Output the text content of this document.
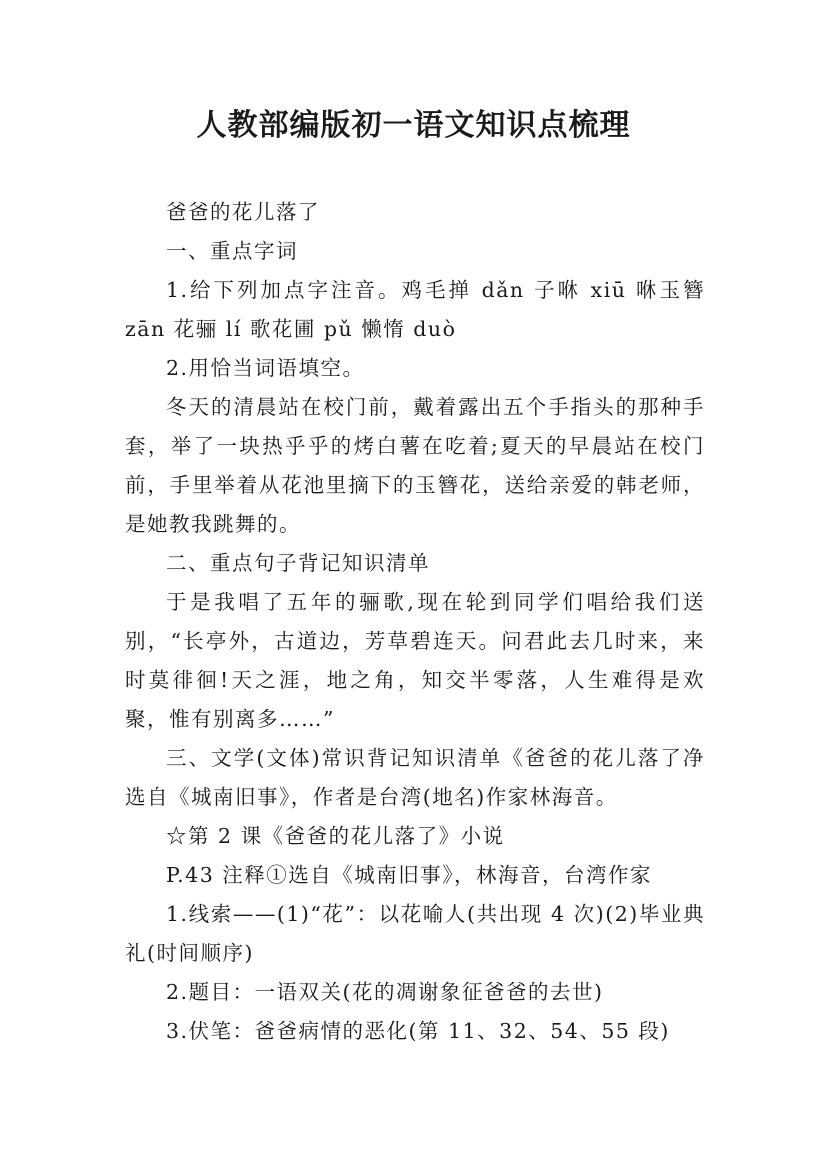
人教部编版初一语文知识点梳理

爸爸的花儿落了

一、重点字词

1.给下列加点字注音。鸡毛掸 dǎn 子咻 xiū 咻玉簪 zān 花骊 lí 歌花圃 pǔ 懒惰 duò

2.用恰当词语填空。

冬天的清晨站在校门前，戴着露出五个手指头的那种手套，举了一块热乎乎的烤白薯在吃着;夏天的早晨站在校门前，手里举着从花池里摘下的玉簪花，送给亲爱的韩老师，是她教我跳舞的。

二、重点句子背记知识清单

于是我唱了五年的骊歌,现在轮到同学们唱给我们送别，“长亭外，古道边，芳草碧连天。问君此去几时来，来时莫徘徊!天之涯，地之角，知交半零落，人生难得是欢聚，惟有别离多……”

三、文学(文体)常识背记知识清单《爸爸的花儿落了净选自《城南旧事》，作者是台湾(地名)作家林海音。

☆第 2 课《爸爸的花儿落了》小说

P.43 注释①选自《城南旧事》，林海音，台湾作家

1.线索——(1)“花”：以花喻人(共出现 4 次)(2)毕业典礼(时间顺序)

2.题目：一语双关(花的凋谢象征爸爸的去世)

3.伏笔：爸爸病情的恶化(第 11、32、54、55 段)
